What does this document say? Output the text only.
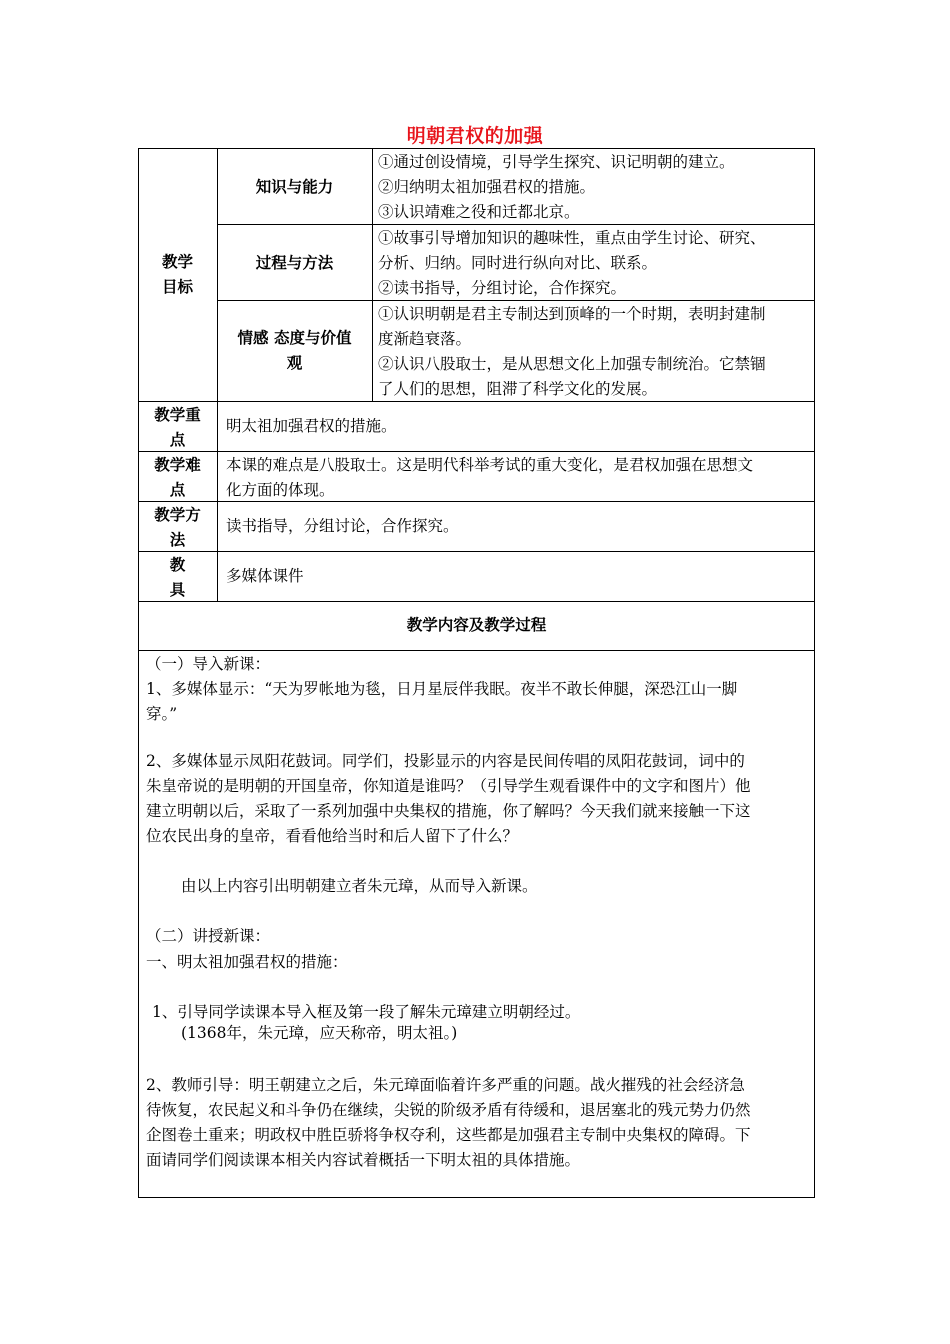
明朝君权的加强
教学
目标
知识与能力
①通过创设情境，引导学生探究、识记明朝的建立。
②归纳明太祖加强君权的措施。
③认识靖难之役和迁都北京。
过程与方法
①故事引导增加知识的趣味性，重点由学生讨论、研究、
分析、归纳。同时进行纵向对比、联系。
②读书指导，分组讨论，合作探究。
情感 态度与价值
观
①认识明朝是君主专制达到顶峰的一个时期，表明封建制
度渐趋衰落。
②认识八股取士，是从思想文化上加强专制统治。它禁锢
了人们的思想，阻滞了科学文化的发展。
教学重
点
明太祖加强君权的措施。
教学难
点
本课的难点是八股取士。这是明代科举考试的重大变化，是君权加强在思想文
化方面的体现。
教学方
法
读书指导，分组讨论，合作探究。
教
具
多媒体课件
教学内容及教学过程
（一）导入新课：
1、多媒体显示：“天为罗帐地为毯，日月星辰伴我眠。夜半不敢长伸腿，深恐江山一脚
穿。”
2、多媒体显示凤阳花鼓词。同学们，投影显示的内容是民间传唱的凤阳花鼓词，词中的
朱皇帝说的是明朝的开国皇帝，你知道是谁吗？（引导学生观看课件中的文字和图片）他
建立明朝以后，采取了一系列加强中央集权的措施，你了解吗？今天我们就来接触一下这
位农民出身的皇帝，看看他给当时和后人留下了什么？
由以上内容引出明朝建立者朱元璋，从而导入新课。
（二）讲授新课：
一、明太祖加强君权的措施：
1、引导同学读课本导入框及第一段了解朱元璋建立明朝经过。
(1368年，朱元璋，应天称帝，明太祖。)
2、教师引导：明王朝建立之后，朱元璋面临着许多严重的问题。战火摧残的社会经济急
待恢复，农民起义和斗争仍在继续，尖锐的阶级矛盾有待缓和，退居塞北的残元势力仍然
企图卷土重来；明政权中胜臣骄将争权夺利，这些都是加强君主专制中央集权的障碍。下
面请同学们阅读课本相关内容试着概括一下明太祖的具体措施。
